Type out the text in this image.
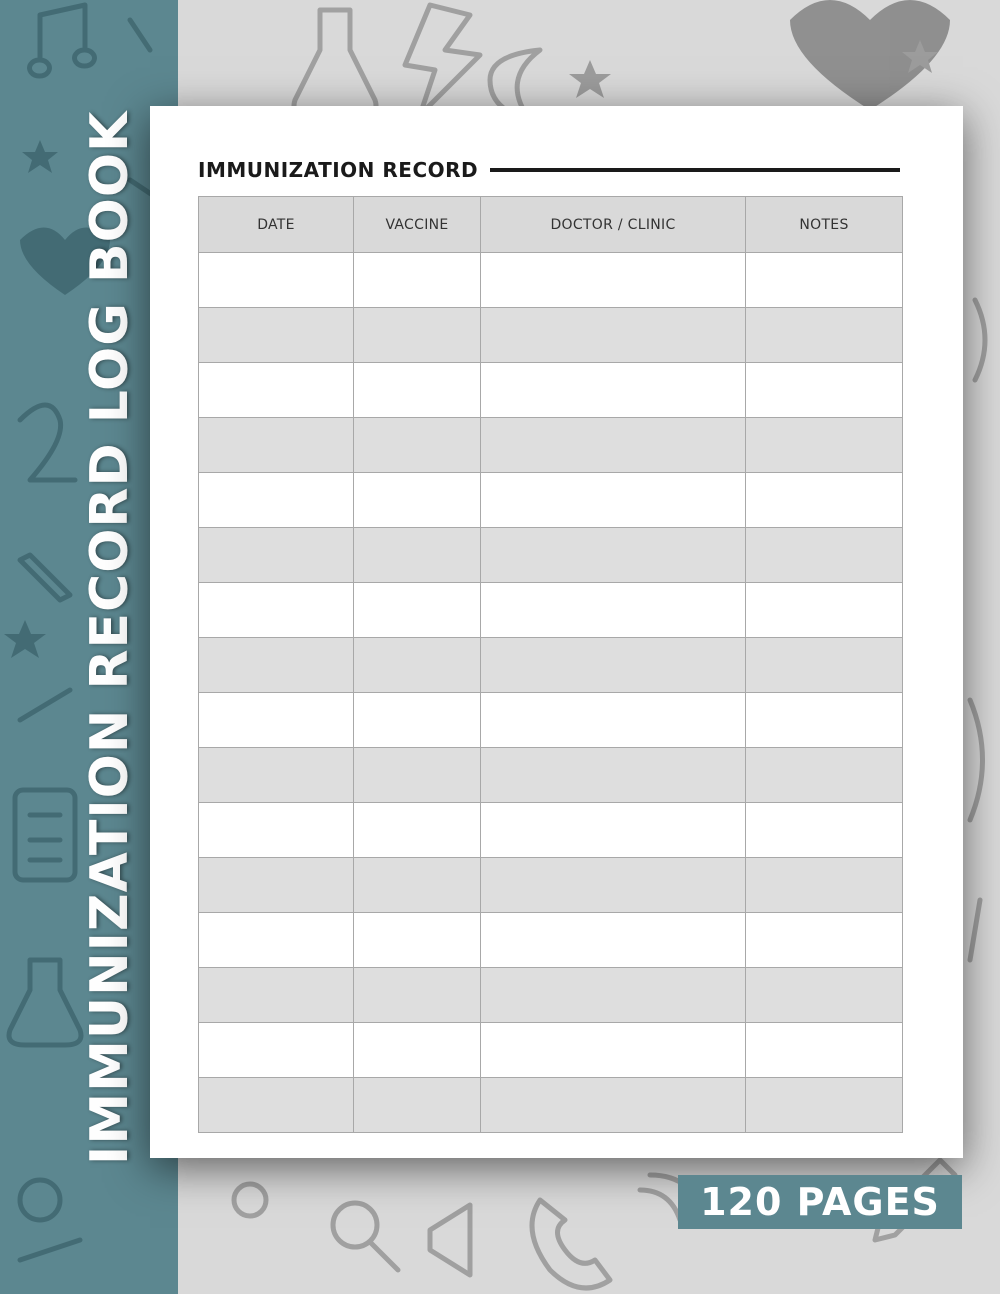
IMMUNIZATION RECORD LOG BOOK	IMMUNIZATION RECORD
DATE	VACCINE	DOCTOR / CLINIC	NOTES

120 PAGES
